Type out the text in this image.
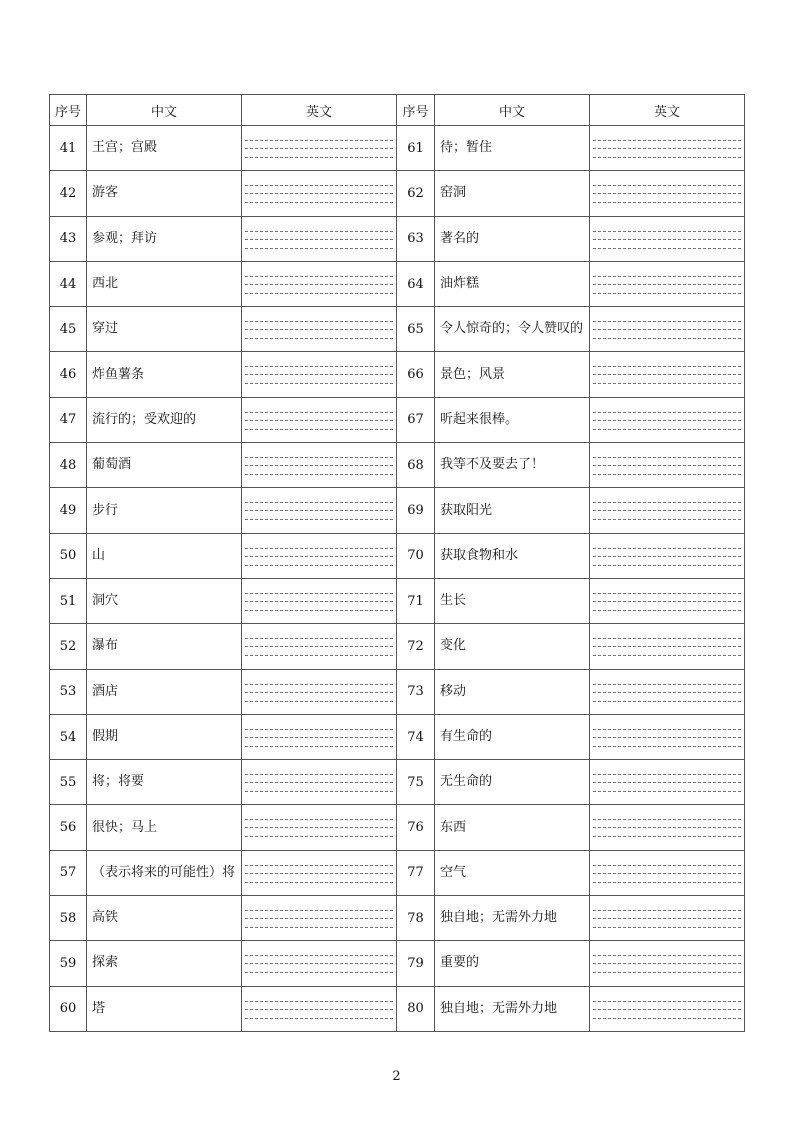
序号	中文	英文	序号	中文	英文
41	王宫；宫殿		61	待；暂住	

42	游客		62	窑洞	

43	参观；拜访		63	著名的	

44	西北		64	油炸糕	

45	穿过		65	令人惊奇的；令人赞叹的	

46	炸鱼薯条		66	景色；风景	

47	流行的；受欢迎的		67	听起来很棒。	

48	葡萄酒		68	我等不及要去了！	

49	步行		69	获取阳光	

50	山		70	获取食物和水	

51	洞穴		71	生长	

52	瀑布		72	变化	

53	酒店		73	移动	

54	假期		74	有生命的	

55	将；将要		75	无生命的	

56	很快；马上		76	东西	

57	（表示将来的可能性）将		77	空气	

58	高铁		78	独自地；无需外力地	

59	探索		79	重要的	

60	塔		80	独自地；无需外力地	
2
